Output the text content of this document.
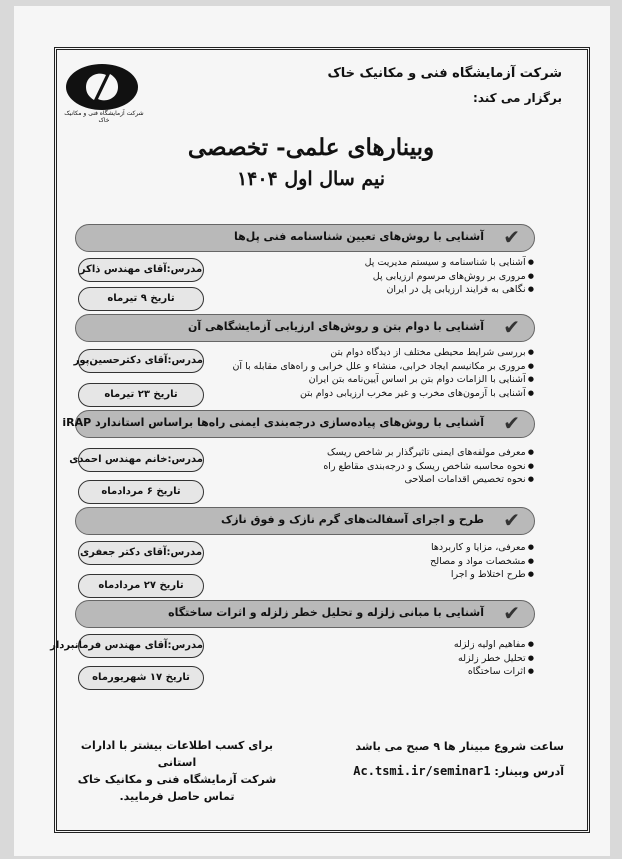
شرکت آزمایشگاه فنی و مکانیک خاک
شرکت آزمایشگاه فنی و مکانیک خاک
برگزار می کند:
وبینارهای علمی- تخصصی
نیم سال اول ۱۴۰۴
✔
آشنایی با روش‌های تعیین شناسنامه فنی پل‌ها
مدرس:آقای مهندس ذاکر
تاریخ ۹ تیرماه
● آشنایی با شناسنامه و سیستم مدیریت پل
● مروری بر روش‌های مرسوم ارزیابی پل
● نگاهی به فرایند ارزیابی پل در ایران
✔
آشنایی با دوام بتن و روش‌های ارزیابی آزمایشگاهی آن
مدرس:آقای دکترحسین‌پور
تاریخ ۲۳ تیرماه
● بررسی شرایط محیطی مختلف از دیدگاه دوام بتن
● مروری بر مکانیسم ایجاد خرابی، منشاء و علل خرابی و راه‌های مقابله با آن
● آشنایی با الزامات دوام بتن بر اساس آیین‌نامه بتن ایران
● آشنایی با آزمون‌های مخرب و غیر مخرب ارزیابی دوام بتن
✔
آشنایی با روش‌های پیاده‌سازی درجه‌بندی ایمنی راه‌ها براساس استاندارد iRAP
مدرس:خانم مهندس احمدی
تاریخ ۶ مردادماه
● معرفی مولفه‌های ایمنی تاثیرگذار بر شاخص ریسک
● نحوه محاسبه شاخص ریسک و درجه‌بندی مقاطع راه
● نحوه تخصیص اقدامات اصلاحی
✔
طرح و اجرای آسفالت‌های گرم نازک و فوق نازک
مدرس:آقای دکتر جعفری
تاریخ ۲۷ مردادماه
● معرفی، مزایا و کاربردها
● مشخصات مواد و مصالح
● طرح اختلاط و اجرا
✔
آشنایی با مبانی زلزله و تحلیل خطر زلزله و اثرات ساختگاه
مدرس:آقای مهندس فرمانبردار
تاریخ ۱۷ شهریورماه
● مفاهیم اولیه زلزله
● تحلیل خطر زلزله
● اثرات ساختگاه
برای کسب اطلاعات بیشتر با ادارات استانی
شرکت آزمایشگاه فنی و مکانیک خاک
تماس حاصل فرمایید.
ساعت شروع مبینار ها ۹ صبح می باشد
آدرس وبینار: Ac.tsmi.ir/seminar1
